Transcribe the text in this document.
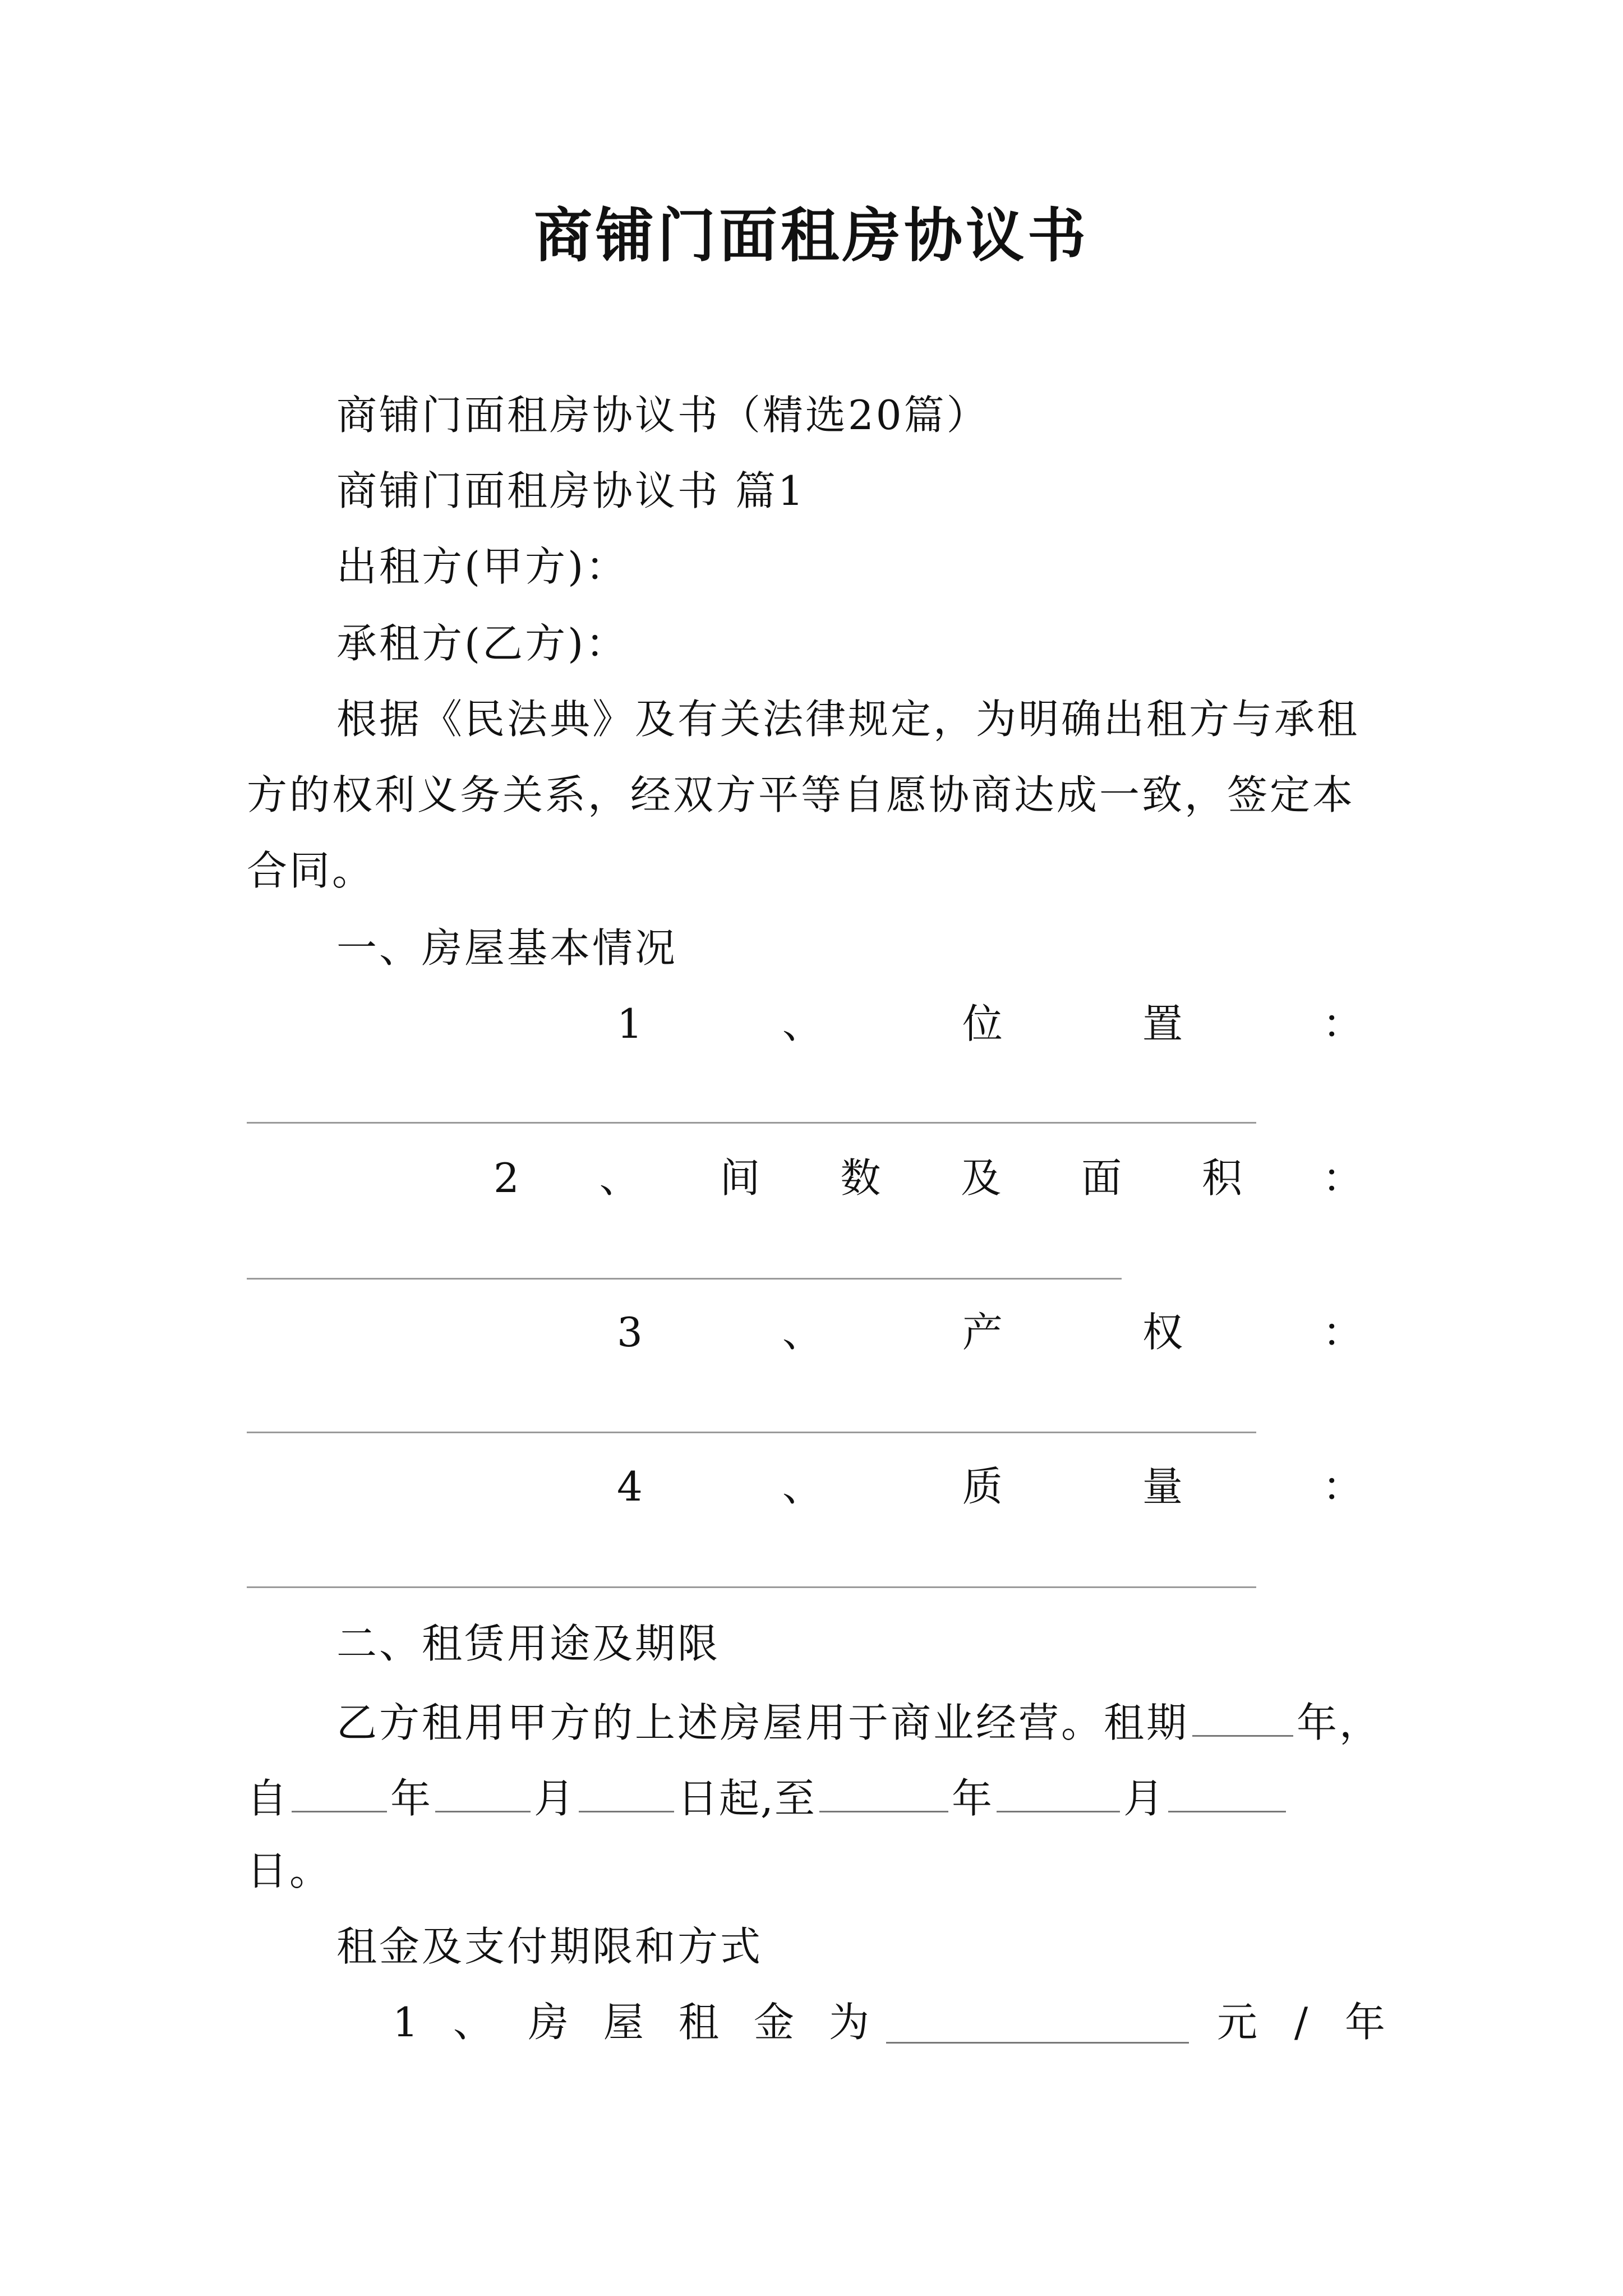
商铺门面租房协议书
商铺门面租房协议书（精选20篇）
商铺门面租房协议书 篇1
出租方(甲方)：
承租方(乙方)：
根据《民法典》及有关法律规定，为明确出租方与承租
方的权利义务关系，经双方平等自愿协商达成一致，签定本
合同。
一、房屋基本情况
1	、	位	置	：
2 、 间 数 及 面 积 ：
3	、	产	权	：
4	、	质	量	：
二、租赁用途及期限
乙方租用甲方的上述房屋用于商业经营。租期	年，
自	年	月	日起,至	年	月
日。
租金及支付期限和方式
1 、 房 屋 租 金 为	元 / 年
